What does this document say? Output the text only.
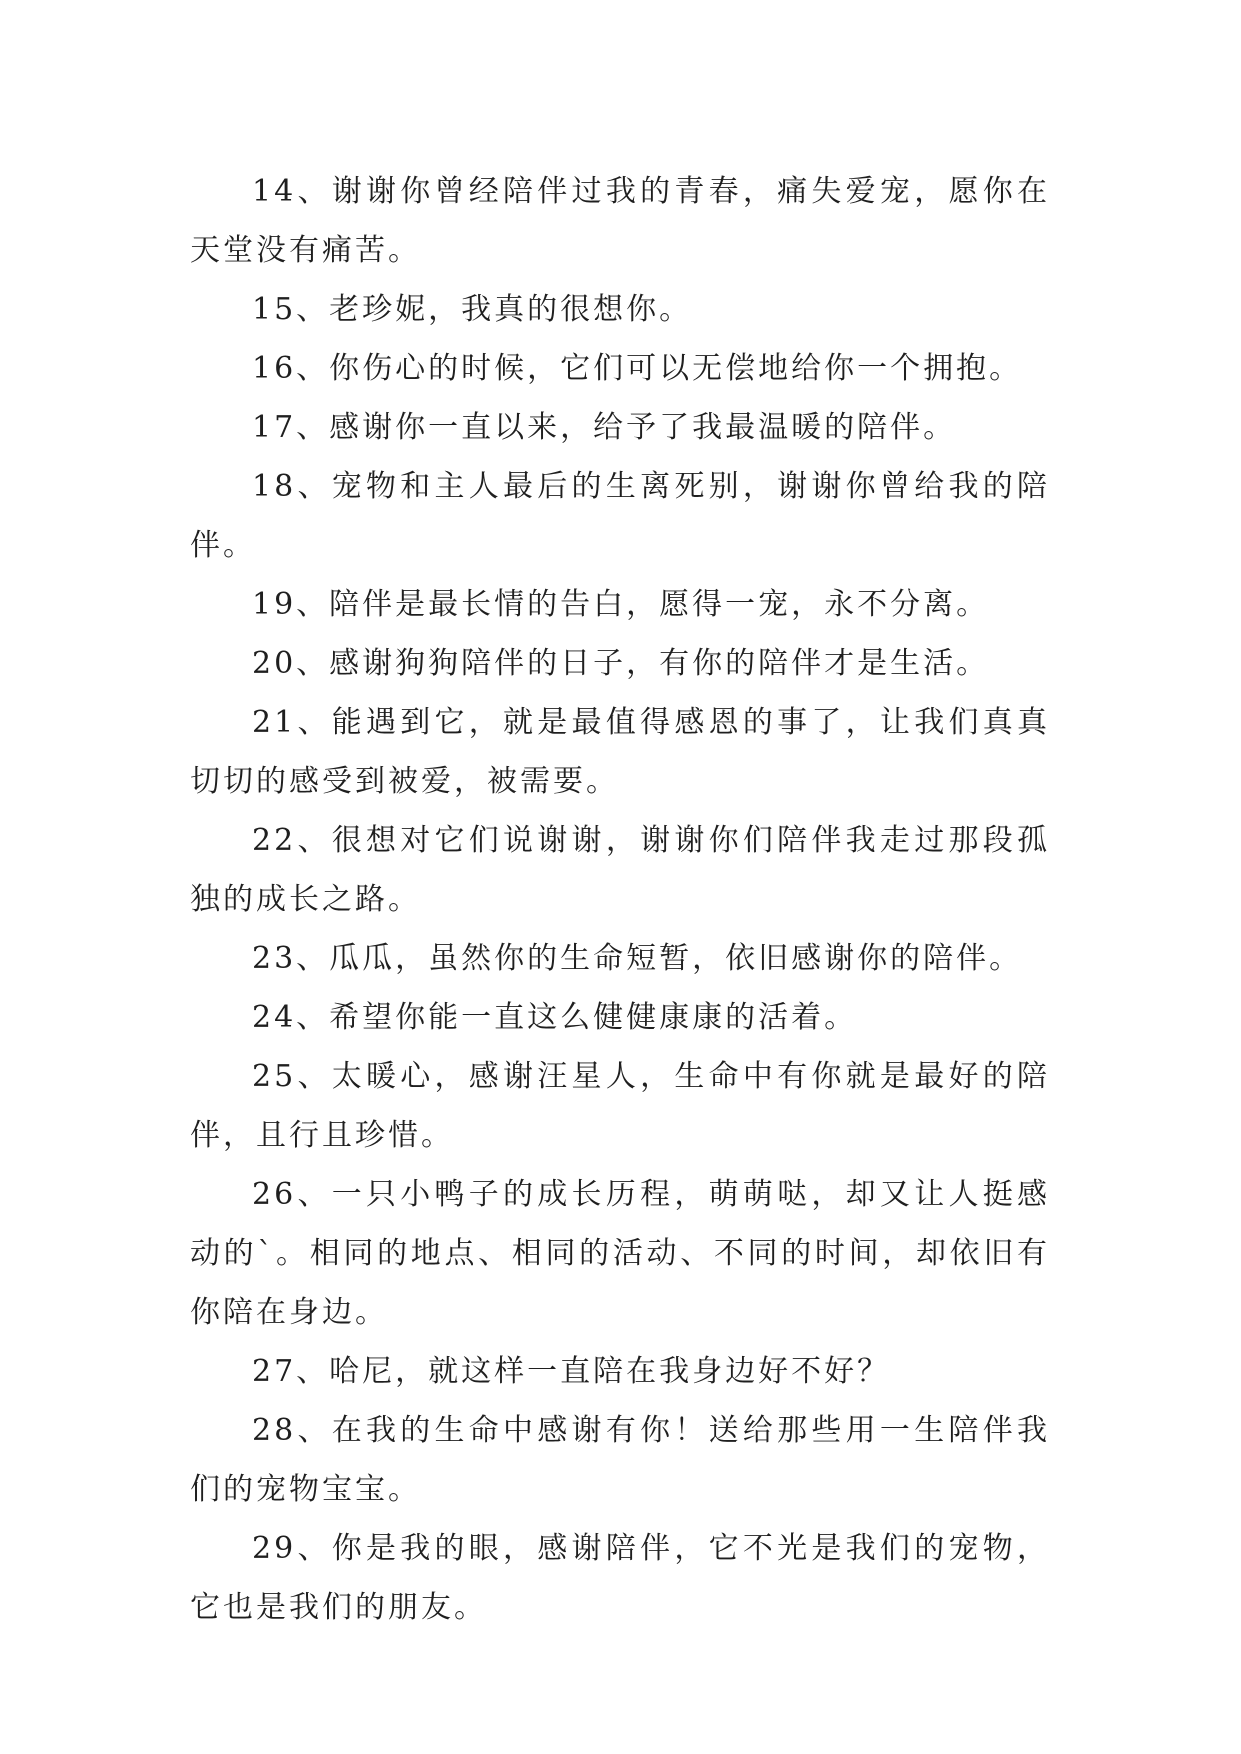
14、谢谢你曾经陪伴过我的青春，痛失爱宠，愿你在天堂没有痛苦。

15、老珍妮，我真的很想你。

16、你伤心的时候，它们可以无偿地给你一个拥抱。

17、感谢你一直以来，给予了我最温暖的陪伴。

18、宠物和主人最后的生离死别，谢谢你曾给我的陪伴。

19、陪伴是最长情的告白，愿得一宠，永不分离。

20、感谢狗狗陪伴的日子，有你的陪伴才是生活。

21、能遇到它，就是最值得感恩的事了，让我们真真切切的感受到被爱，被需要。

22、很想对它们说谢谢，谢谢你们陪伴我走过那段孤独的成长之路。

23、瓜瓜，虽然你的生命短暂，依旧感谢你的陪伴。

24、希望你能一直这么健健康康的活着。

25、太暖心，感谢汪星人，生命中有你就是最好的陪伴，且行且珍惜。

26、一只小鸭子的成长历程，萌萌哒，却又让人挺感动的`。相同的地点、相同的活动、不同的时间，却依旧有你陪在身边。

27、哈尼，就这样一直陪在我身边好不好？

28、在我的生命中感谢有你！送给那些用一生陪伴我们的宠物宝宝。

29、你是我的眼，感谢陪伴，它不光是我们的宠物，它也是我们的朋友。
